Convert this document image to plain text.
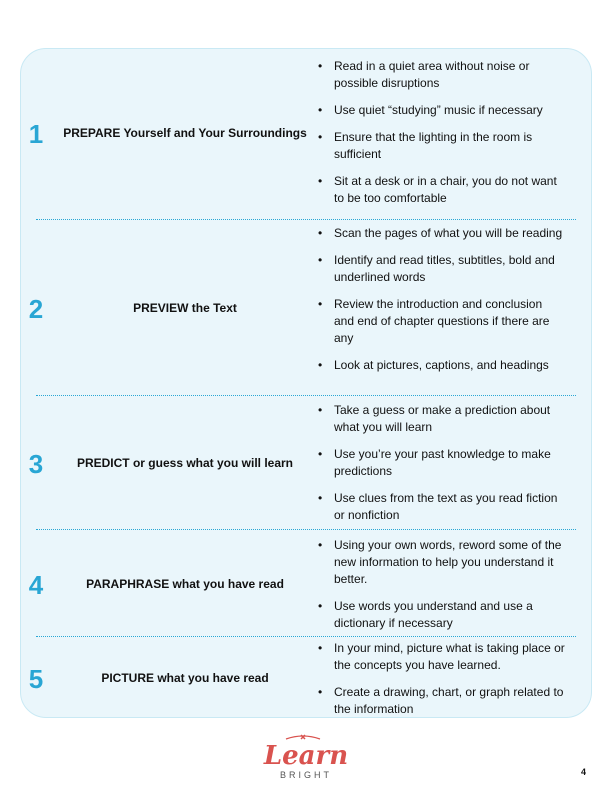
1	PREPARE Yourself and Your Surroundings
• Read in a quiet area without noise or possible disruptions
• Use quiet “studying” music if necessary
• Ensure that the lighting in the room is sufficient
• Sit at a desk or in a chair, you do not want to be too comfortable
2	PREVIEW the Text
• Scan the pages of what you will be reading
• Identify and read titles, subtitles, bold and underlined words
• Review the introduction and conclusion and end of chapter questions if there are any
• Look at pictures, captions, and headings
3	PREDICT or guess what you will learn
• Take a guess or make a prediction about what you will learn
• Use you’re your past knowledge to make predictions
• Use clues from the text as you read fiction or nonfiction
4	PARAPHRASE what you have read
• Using your own words, reword some of the new information to help you understand it better.
• Use words you understand and use a dictionary if necessary
5	PICTURE what you have read
• In your mind, picture what is taking place or the concepts you have learned.
• Create a drawing, chart, or graph related to the information
Learn
BRIGHT	4
